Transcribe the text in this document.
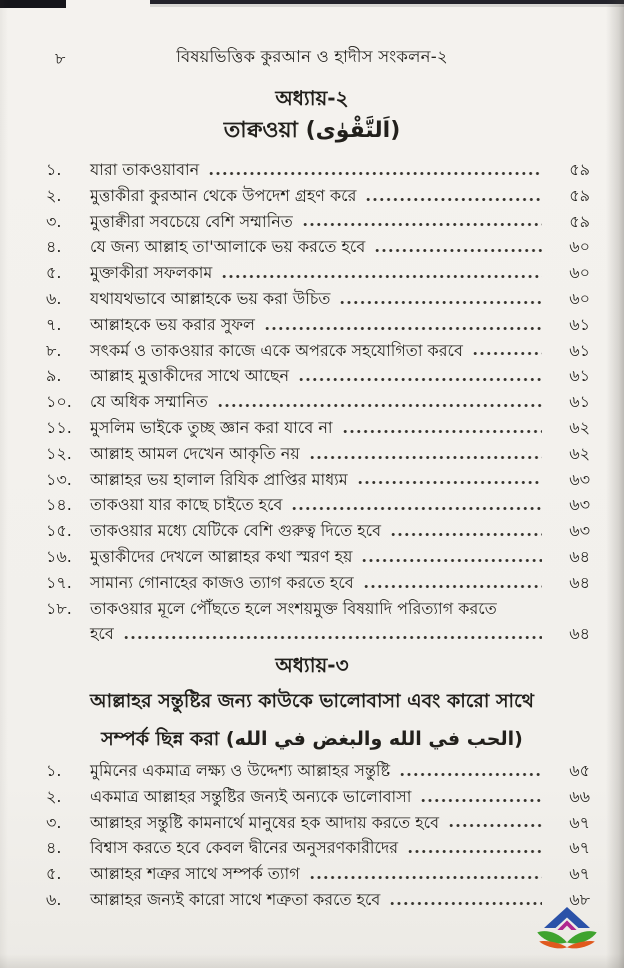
৮	বিষয়ভিত্তিক কুরআন ও হাদীস সংকলন-২
অধ্যায়-২
তাক্বওয়া (اَلتَّقْوٰى)
১.	যারা তাকওয়াবান	৫৯
২.	মুত্তাকীরা কুরআন থেকে উপদেশ গ্রহণ করে	৫৯
৩.	মুত্তাক্বীরা সবচেয়ে বেশি সম্মানিত	৫৯
৪.	যে জন্য আল্লাহ তা'আলাকে ভয় করতে হবে	৬০
৫.	মুক্তাকীরা সফলকাম	৬০
৬.	যথাযথভাবে আল্লাহকে ভয় করা উচিত	৬০
৭.	আল্লাহকে ভয় করার সুফল	৬১
৮.	সৎকর্ম ও তাকওয়ার কাজে একে অপরকে সহযোগিতা করবে	৬১
৯.	আল্লাহ মুত্তাকীদের সাথে আছেন	৬১
১০.	যে অধিক সম্মানিত	৬১
১১.	মুসলিম ভাইকে তুচ্ছ জ্ঞান করা যাবে না	৬২
১২.	আল্লাহ আমল দেখেন আকৃতি নয়	৬২
১৩.	আল্লাহর ভয় হালাল রিযিক প্রাপ্তির মাধ্যম	৬৩
১৪.	তাকওয়া যার কাছে চাইতে হবে	৬৩
১৫.	তাকওয়ার মধ্যে যেটিকে বেশি গুরুত্ব দিতে হবে	৬৩
১৬.	মুত্তাকীদের দেখলে আল্লাহর কথা স্মরণ হয়	৬৪
১৭.	সামান্য গোনাহের কাজও ত্যাগ করতে হবে	৬৪
১৮.	তাকওয়ার মূলে পৌঁছতে হলে সংশয়মুক্ত বিষয়াদি পরিত্যাগ করতে
হবে	৬৪
অধ্যায়-৩
আল্লাহর সন্তুষ্টির জন্য কাউকে ভালোবাসা এবং কারো সাথে
সম্পর্ক ছিন্ন করা (الحب في الله والبغض في الله)
১.	মুমিনের একমাত্র লক্ষ্য ও উদ্দেশ্য আল্লাহর সন্তুষ্টি	৬৫
২.	একমাত্র আল্লাহর সন্তুষ্টির জন্যই অন্যকে ভালোবাসা	৬৬
৩.	আল্লাহর সন্তুষ্টি কামনার্থে মানুষের হক আদায় করতে হবে	৬৭
৪.	বিশ্বাস করতে হবে কেবল দ্বীনের অনুসরণকারীদের	৬৭
৫.	আল্লাহর শত্রুর সাথে সম্পর্ক ত্যাগ	৬৭
৬.	আল্লাহর জন্যই কারো সাথে শত্রুতা করতে হবে	৬৮
